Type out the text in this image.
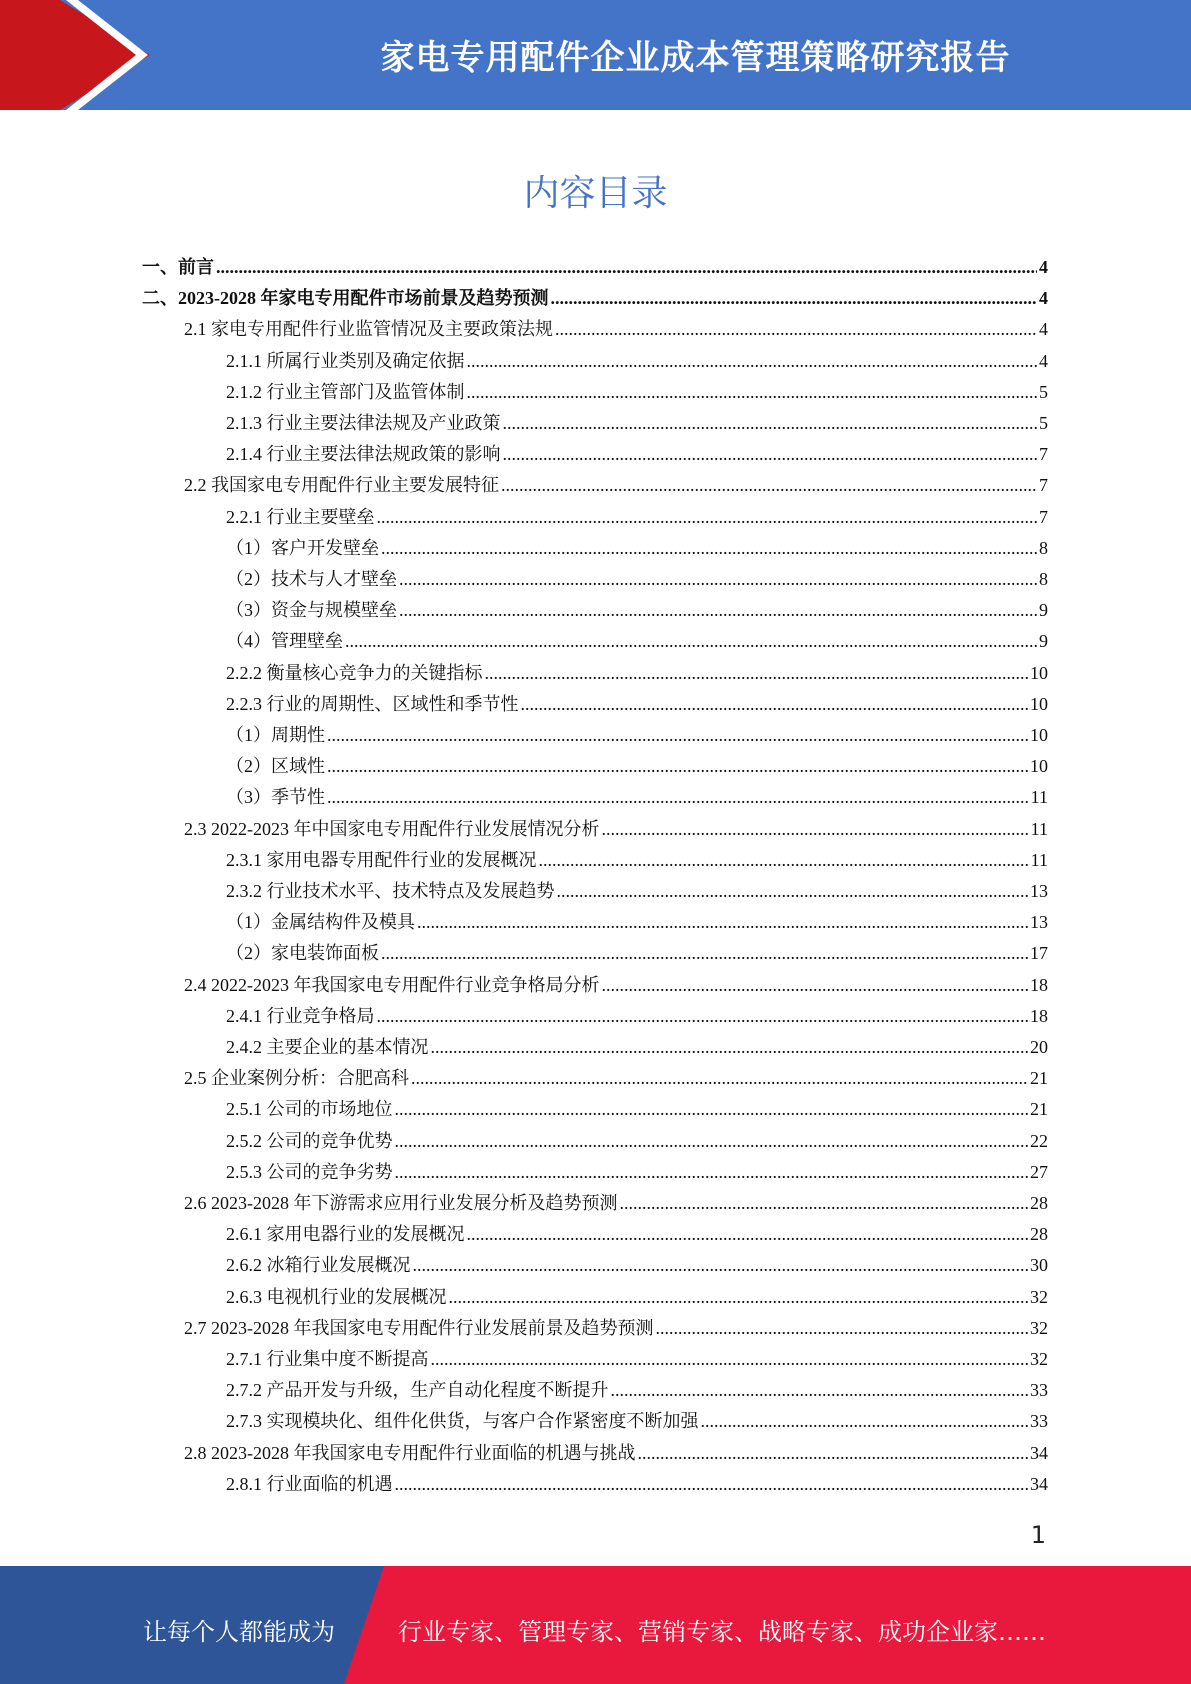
家电专用配件企业成本管理策略研究报告
内容目录
一、前言 .....	4
二、2023-2028 年家电专用配件市场前景及趋势预测 .....	4
2.1 家电专用配件行业监管情况及主要政策法规 .....	4
2.1.1 所属行业类别及确定依据 .....	4
2.1.2 行业主管部门及监管体制 .....	5
2.1.3 行业主要法律法规及产业政策 .....	5
2.1.4 行业主要法律法规政策的影响 .....	7
2.2 我国家电专用配件行业主要发展特征 .....	7
2.2.1 行业主要壁垒 .....	7
（1）客户开发壁垒 .....	8
（2）技术与人才壁垒 .....	8
（3）资金与规模壁垒 .....	9
（4）管理壁垒 .....	9
2.2.2 衡量核心竞争力的关键指标 .....	10
2.2.3 行业的周期性、区域性和季节性 .....	10
（1）周期性 .....	10
（2）区域性 .....	10
（3）季节性 .....	11
2.3 2022-2023 年中国家电专用配件行业发展情况分析 .....	11
2.3.1 家用电器专用配件行业的发展概况 .....	11
2.3.2 行业技术水平、技术特点及发展趋势 .....	13
（1）金属结构件及模具 .....	13
（2）家电装饰面板 .....	17
2.4 2022-2023 年我国家电专用配件行业竞争格局分析 .....	18
2.4.1 行业竞争格局 .....	18
2.4.2 主要企业的基本情况 .....	20
2.5 企业案例分析：合肥高科 .....	21
2.5.1 公司的市场地位 .....	21
2.5.2 公司的竞争优势 .....	22
2.5.3 公司的竞争劣势 .....	27
2.6 2023-2028 年下游需求应用行业发展分析及趋势预测 .....	28
2.6.1 家用电器行业的发展概况 .....	28
2.6.2 冰箱行业发展概况 .....	30
2.6.3 电视机行业的发展概况 .....	32
2.7 2023-2028 年我国家电专用配件行业发展前景及趋势预测 .....	32
2.7.1 行业集中度不断提高 .....	32
2.7.2 产品开发与升级，生产自动化程度不断提升 .....	33
2.7.3 实现模块化、组件化供货，与客户合作紧密度不断加强 .....	33
2.8 2023-2028 年我国家电专用配件行业面临的机遇与挑战 .....	34
2.8.1 行业面临的机遇 .....	34
1
让每个人都能成为	行业专家、管理专家、营销专家、战略专家、成功企业家……
